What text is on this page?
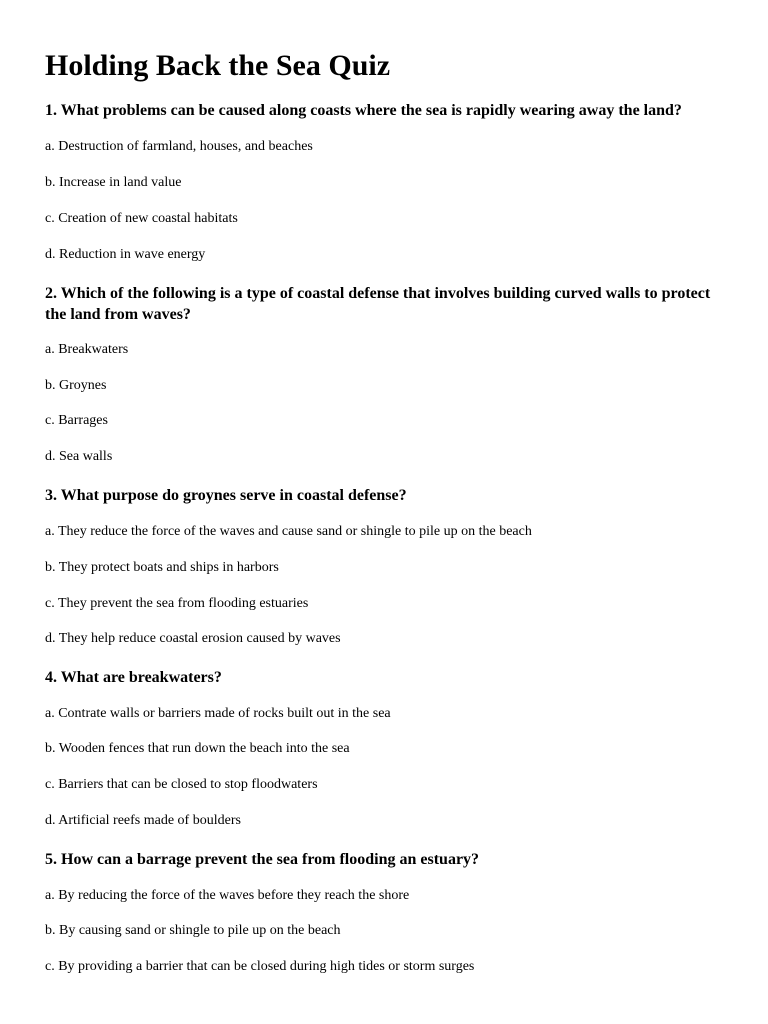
Holding Back the Sea Quiz

1. What problems can be caused along coasts where the sea is rapidly wearing away the land?

a. Destruction of farmland, houses, and beaches

b. Increase in land value

c. Creation of new coastal habitats

d. Reduction in wave energy

2. Which of the following is a type of coastal defense that involves building curved walls to protect the land from waves?

a. Breakwaters

b. Groynes

c. Barrages

d. Sea walls

3. What purpose do groynes serve in coastal defense?

a. They reduce the force of the waves and cause sand or shingle to pile up on the beach

b. They protect boats and ships in harbors

c. They prevent the sea from flooding estuaries

d. They help reduce coastal erosion caused by waves

4. What are breakwaters?

a. Contrate walls or barriers made of rocks built out in the sea

b. Wooden fences that run down the beach into the sea

c. Barriers that can be closed to stop floodwaters

d. Artificial reefs made of boulders

5. How can a barrage prevent the sea from flooding an estuary?

a. By reducing the force of the waves before they reach the shore

b. By causing sand or shingle to pile up on the beach

c. By providing a barrier that can be closed during high tides or storm surges
